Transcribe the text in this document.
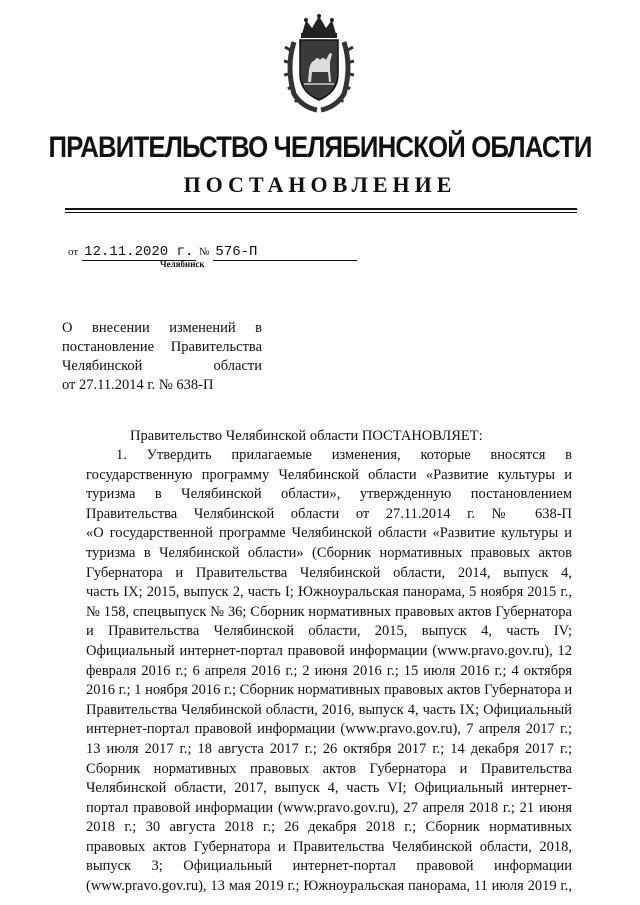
ПРАВИТЕЛЬСТВО ЧЕЛЯБИНСКОЙ ОБЛАСТИ
ПОСТАНОВЛЕНИЕ
от 12.11.2020 г. № 576-П
Челябинск
О внесении изменений в
постановление Правительства
Челябинской области
от 27.11.2014 г. № 638-П
Правительство Челябинской области ПОСТАНОВЛЯЕТ:
1. Утвердить прилагаемые изменения, которые вносятся в
государственную программу Челябинской области «Развитие культуры и
туризма в Челябинской области», утвержденную постановлением
Правительства Челябинской области от 27.11.2014 г. № 638-П
«О государственной программе Челябинской области «Развитие культуры и
туризма в Челябинской области» (Сборник нормативных правовых актов
Губернатора и Правительства Челябинской области, 2014, выпуск 4,
часть IX; 2015, выпуск 2, часть I; Южноуральская панорама, 5 ноября 2015 г.,
№ 158, спецвыпуск № 36; Сборник нормативных правовых актов Губернатора
и Правительства Челябинской области, 2015, выпуск 4, часть IV;
Официальный интернет-портал правовой информации (www.pravo.gov.ru), 12
февраля 2016 г.; 6 апреля 2016 г.; 2 июня 2016 г.; 15 июля 2016 г.; 4 октября
2016 г.; 1 ноября 2016 г.; Сборник нормативных правовых актов Губернатора и
Правительства Челябинской области, 2016, выпуск 4, часть IX; Официальный
интернет-портал правовой информации (www.pravo.gov.ru), 7 апреля 2017 г.;
13 июля 2017 г.; 18 августа 2017 г.; 26 октября 2017 г.; 14 декабря 2017 г.;
Сборник нормативных правовых актов Губернатора и Правительства
Челябинской области, 2017, выпуск 4, часть VI; Официальный интернет-
портал правовой информации (www.pravo.gov.ru), 27 апреля 2018 г.; 21 июня
2018 г.; 30 августа 2018 г.; 26 декабря 2018 г.; Сборник нормативных
правовых актов Губернатора и Правительства Челябинской области, 2018,
выпуск 3; Официальный интернет-портал правовой информации
(www.pravo.gov.ru), 13 мая 2019 г.; Южноуральская панорама, 11 июля 2019 г.,
